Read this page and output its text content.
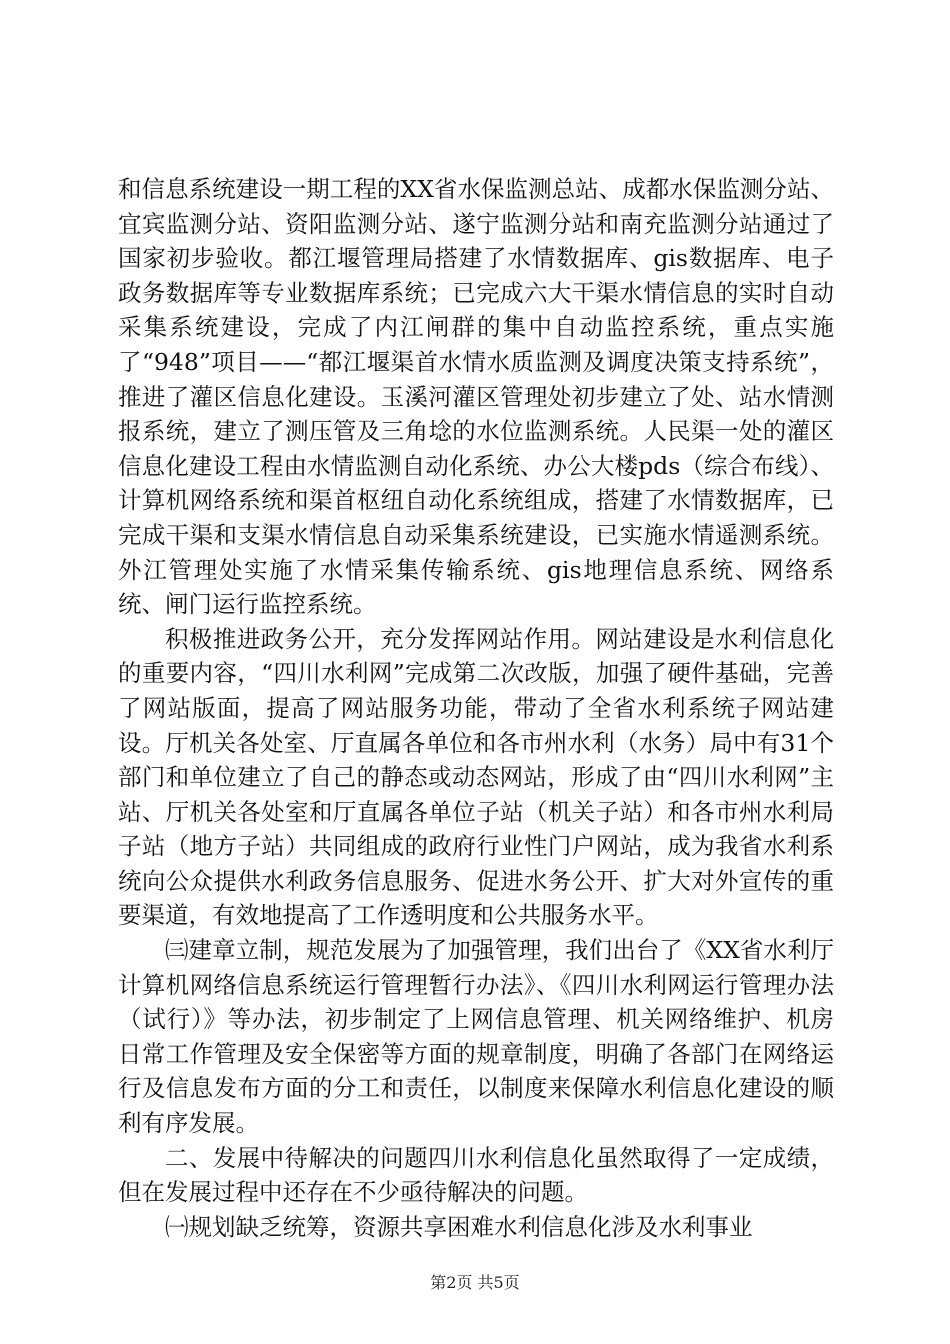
和信息系统建设一期工程的XX省水保监测总站、成都水保监测分站、宜宾监测分站、资阳监测分站、遂宁监测分站和南充监测分站通过了国家初步验收。都江堰管理局搭建了水情数据库、gis数据库、电子政务数据库等专业数据库系统；已完成六大干渠水情信息的实时自动采集系统建设，完成了内江闸群的集中自动监控系统，重点实施了“948”项目——“都江堰渠首水情水质监测及调度决策支持系统”，推进了灌区信息化建设。玉溪河灌区管理处初步建立了处、站水情测报系统，建立了测压管及三角埝的水位监测系统。人民渠一处的灌区信息化建设工程由水情监测自动化系统、办公大楼pds（综合布线）、计算机网络系统和渠首枢纽自动化系统组成，搭建了水情数据库，已完成干渠和支渠水情信息自动采集系统建设，已实施水情遥测系统。外江管理处实施了水情采集传输系统、gis地理信息系统、网络系统、闸门运行监控系统。

积极推进政务公开，充分发挥网站作用。网站建设是水利信息化的重要内容，“四川水利网”完成第二次改版，加强了硬件基础，完善了网站版面，提高了网站服务功能，带动了全省水利系统子网站建设。厅机关各处室、厅直属各单位和各市州水利（水务）局中有31个部门和单位建立了自己的静态或动态网站，形成了由“四川水利网”主站、厅机关各处室和厅直属各单位子站（机关子站）和各市州水利局子站（地方子站）共同组成的政府行业性门户网站，成为我省水利系统向公众提供水利政务信息服务、促进水务公开、扩大对外宣传的重要渠道，有效地提高了工作透明度和公共服务水平。

㈢建章立制，规范发展为了加强管理，我们出台了《XX省水利厅计算机网络信息系统运行管理暂行办法》、《四川水利网运行管理办法（试行）》等办法，初步制定了上网信息管理、机关网络维护、机房日常工作管理及安全保密等方面的规章制度，明确了各部门在网络运行及信息发布方面的分工和责任，以制度来保障水利信息化建设的顺利有序发展。

二、发展中待解决的问题四川水利信息化虽然取得了一定成绩，但在发展过程中还存在不少亟待解决的问题。

㈠规划缺乏统筹，资源共享困难水利信息化涉及水利事业

第2页 共5页
